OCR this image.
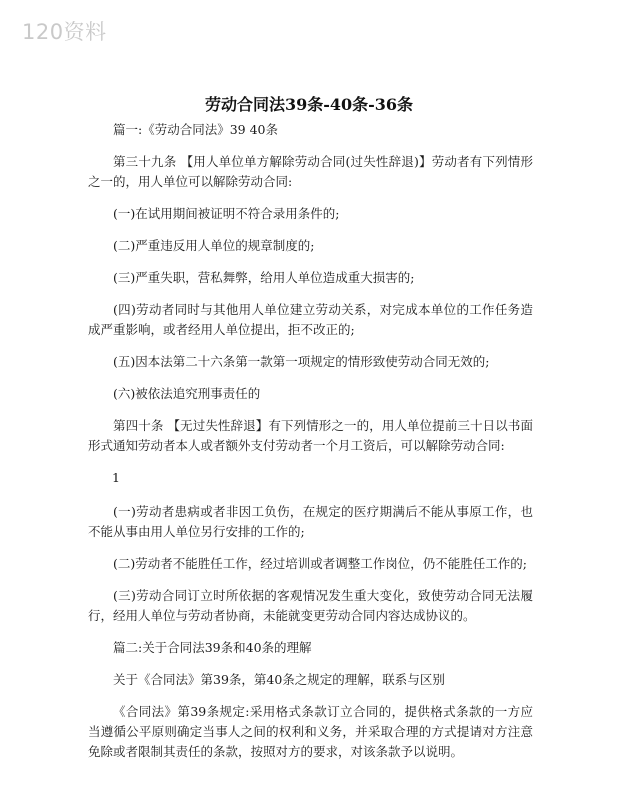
120资料
劳动合同法39条-40条-36条

篇一:《劳动合同法》39 40条

第三十九条 【用人单位单方解除劳动合同(过失性辞退)】劳动者有下列情形之一的，用人单位可以解除劳动合同:

(一)在试用期间被证明不符合录用条件的;

(二)严重违反用人单位的规章制度的;

(三)严重失职，营私舞弊，给用人单位造成重大损害的;

(四)劳动者同时与其他用人单位建立劳动关系，对完成本单位的工作任务造成严重影响，或者经用人单位提出，拒不改正的;

(五)因本法第二十六条第一款第一项规定的情形致使劳动合同无效的;

(六)被依法追究刑事责任的

第四十条 【无过失性辞退】有下列情形之一的，用人单位提前三十日以书面形式通知劳动者本人或者额外支付劳动者一个月工资后，可以解除劳动合同:

1

(一)劳动者患病或者非因工负伤，在规定的医疗期满后不能从事原工作，也不能从事由用人单位另行安排的工作的;

(二)劳动者不能胜任工作，经过培训或者调整工作岗位，仍不能胜任工作的;

(三)劳动合同订立时所依据的客观情况发生重大变化，致使劳动合同无法履行，经用人单位与劳动者协商，未能就变更劳动合同内容达成协议的。

篇二:关于合同法39条和40条的理解

关于《合同法》第39条，第40条之规定的理解，联系与区别

《合同法》第39条规定:采用格式条款订立合同的，提供格式条款的一方应当遵循公平原则确定当事人之间的权利和义务，并采取合理的方式提请对方注意免除或者限制其责任的条款，按照对方的要求，对该条款予以说明。
